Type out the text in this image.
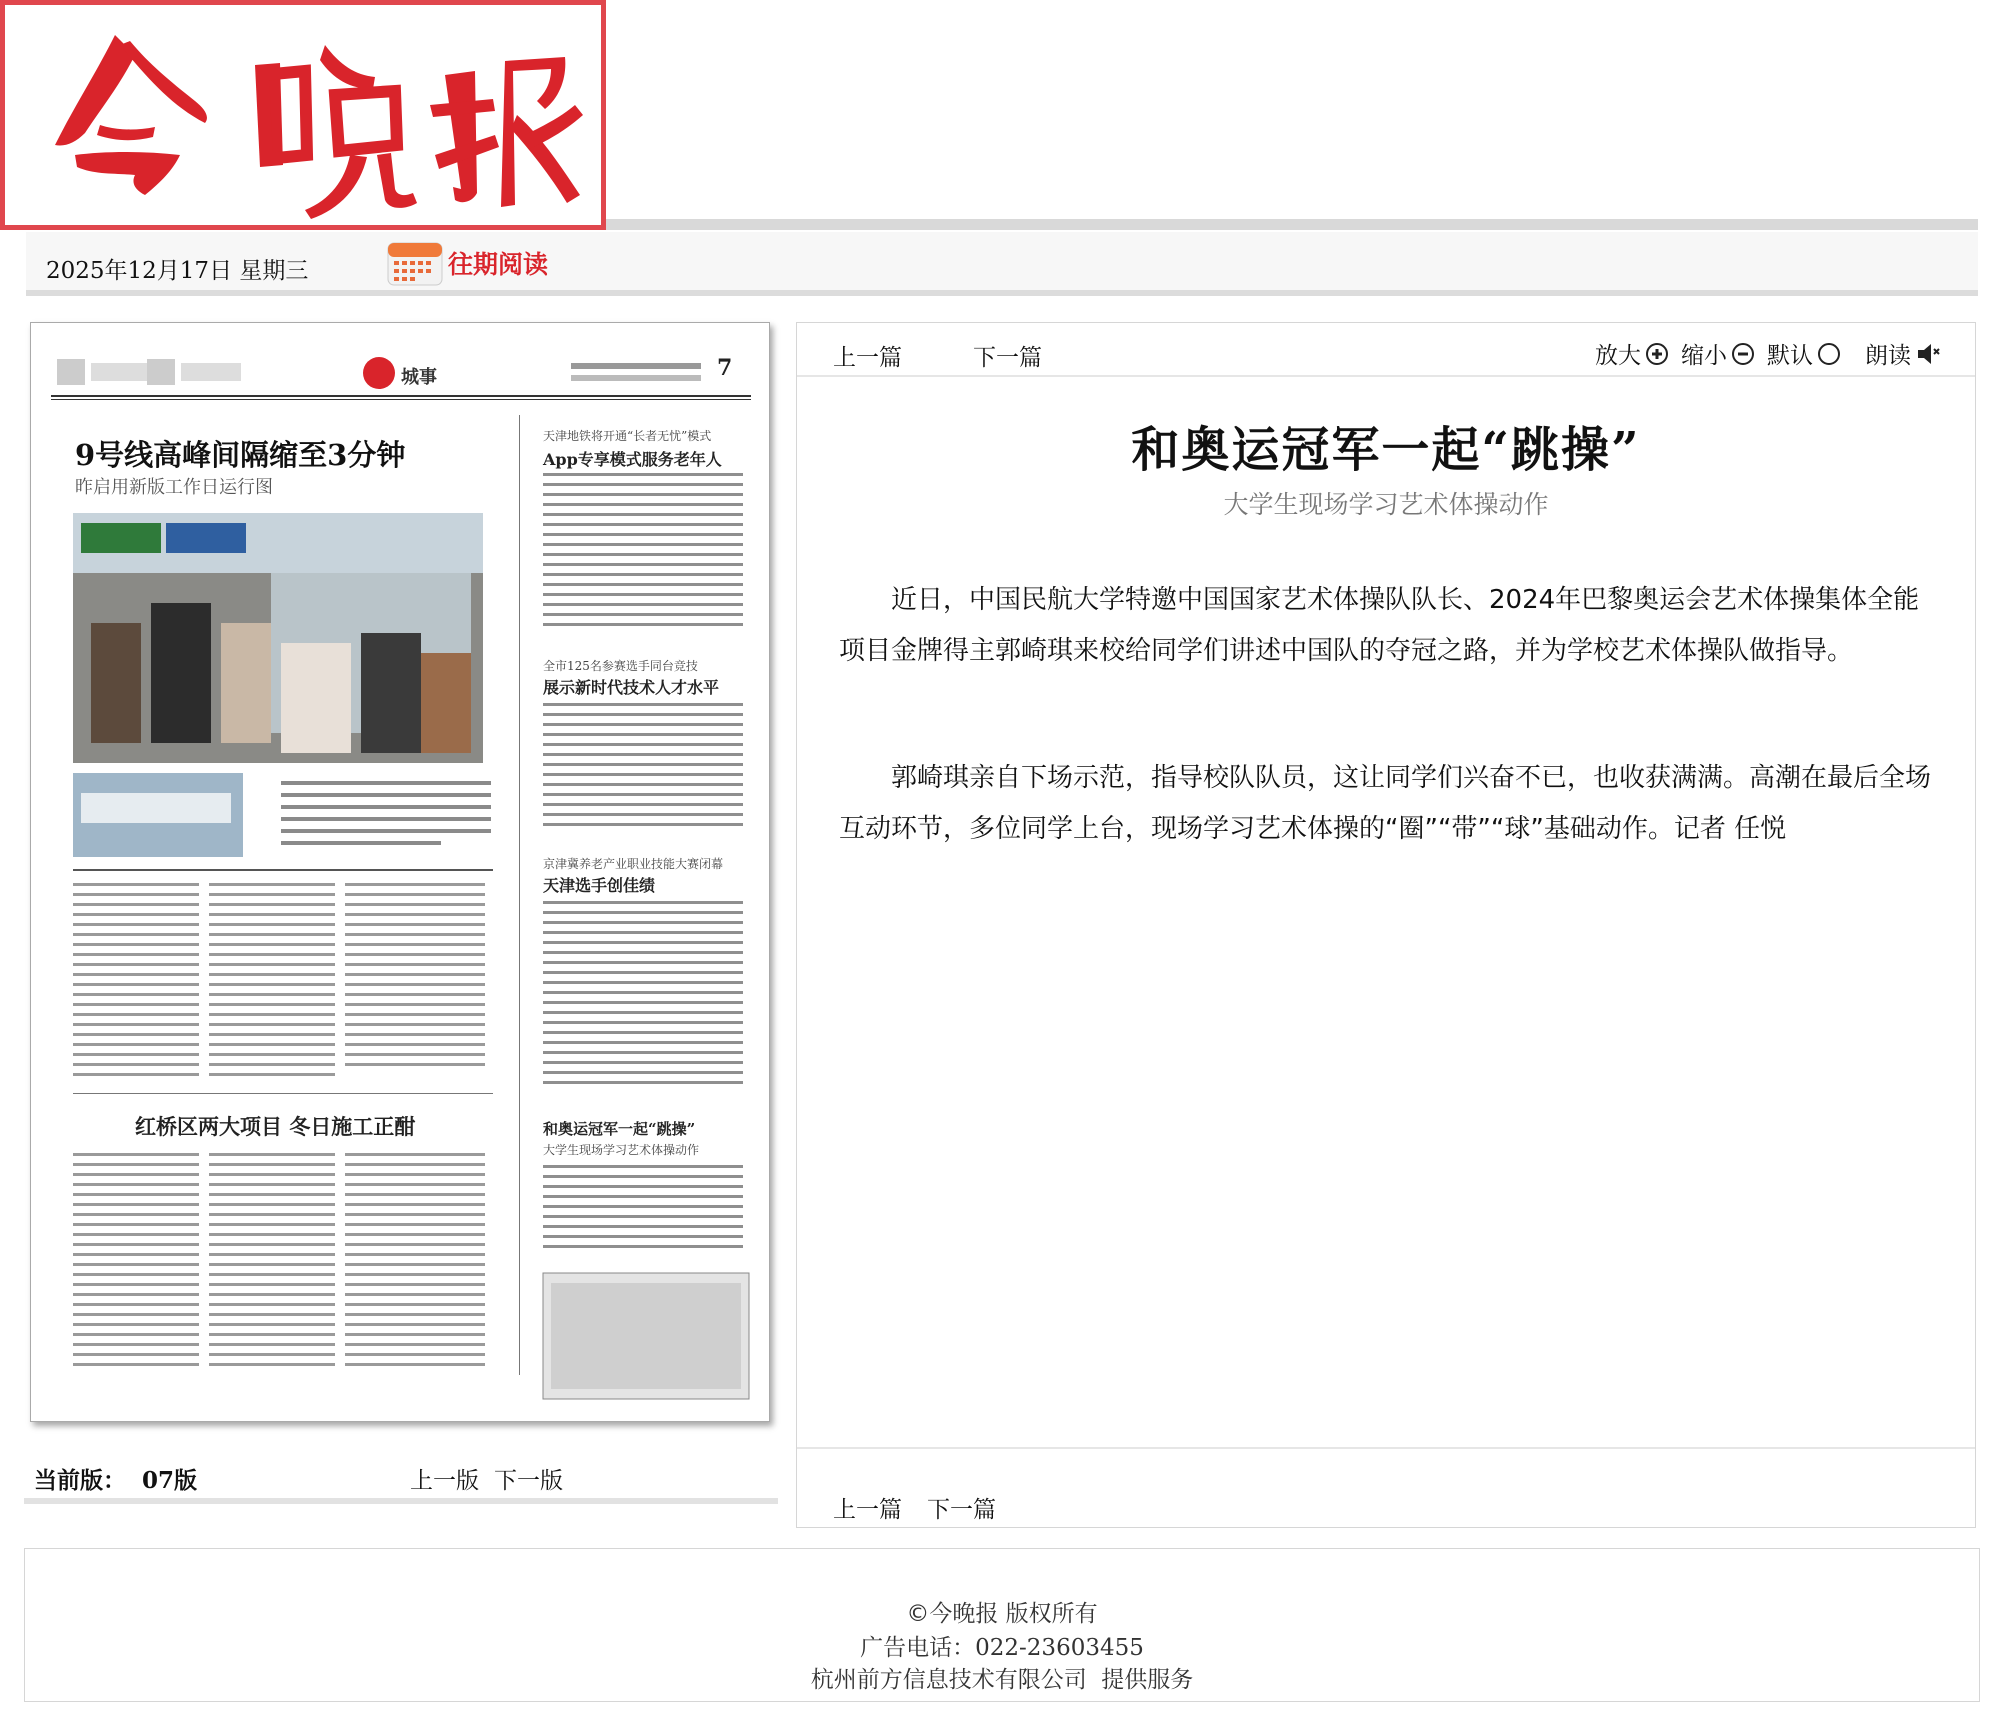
2025年12月17日 星期三	往期阅读
城事	7
9号线高峰间隔缩至3分钟
昨启用新版工作日运行图
红桥区两大项目 冬日施工正酣
天津地铁将开通“长者无忧”模式
App专享模式服务老年人
全市125名参赛选手同台竞技
展示新时代技术人才水平
京津冀养老产业职业技能大赛闭幕
天津选手创佳绩
和奥运冠军一起“跳操”
大学生现场学习艺术体操动作
当前版：  07版	上一版 下一版
上一篇	下一篇	放大 缩小 默认 朗读
和奥运冠军一起“跳操”
大学生现场学习艺术体操动作

近日，中国民航大学特邀中国国家艺术体操队队长、2024年巴黎奥运会艺术体操集体全能项目金牌得主郭崎琪来校给同学们讲述中国队的夺冠之路，并为学校艺术体操队做指导。

郭崎琪亲自下场示范，指导校队队员，这让同学们兴奋不已，也收获满满。高潮在最后全场互动环节，多位同学上台，现场学习艺术体操的“圈”“带”“球”基础动作。记者 任悦

上一篇 下一篇
©今晚报 版权所有
广告电话：022-23603455
杭州前方信息技术有限公司  提供服务
